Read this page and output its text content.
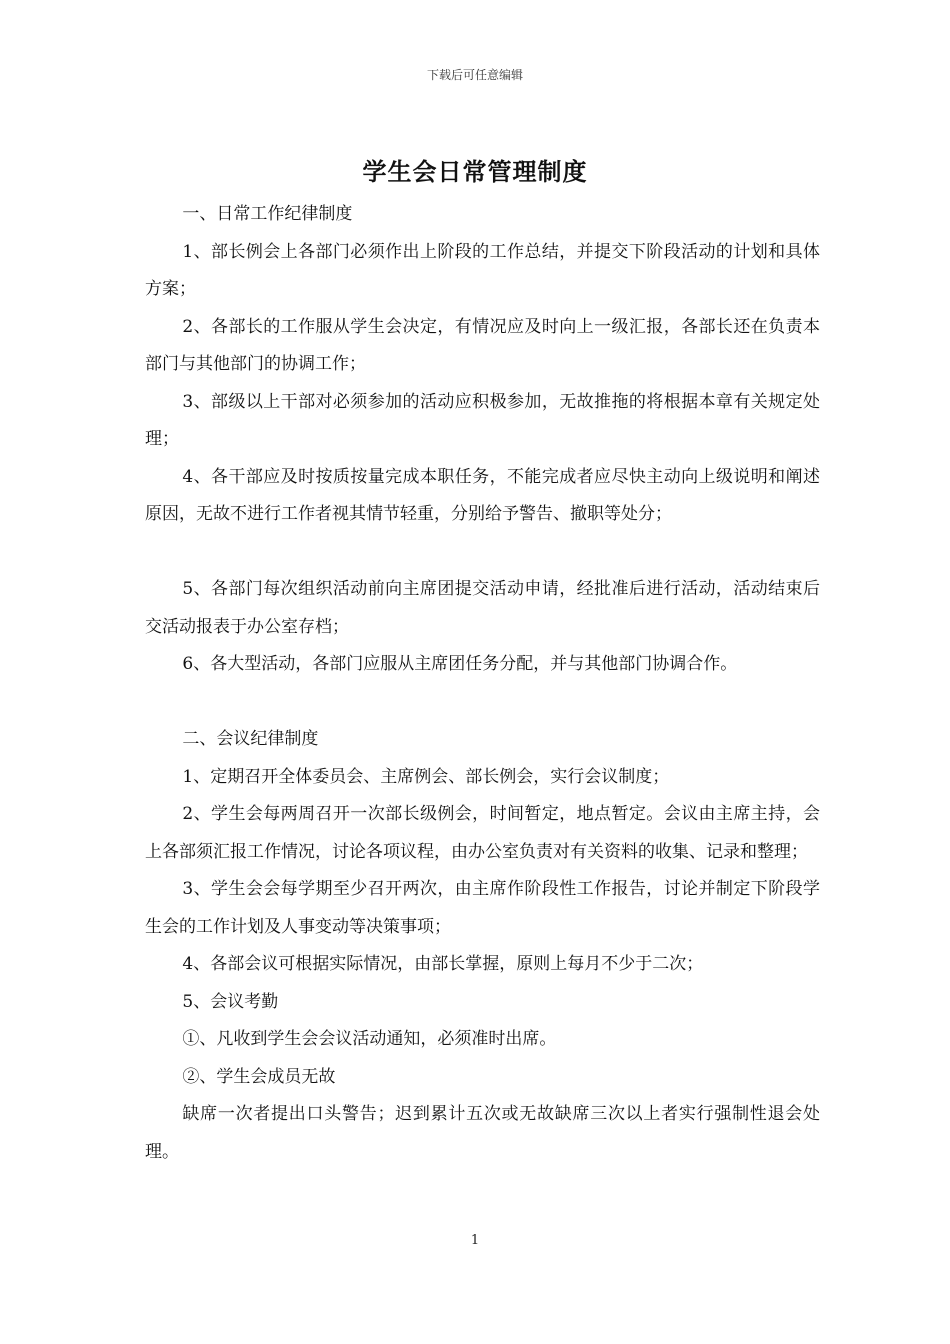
下载后可任意编辑
学生会日常管理制度

一、日常工作纪律制度

1、部长例会上各部门必须作出上阶段的工作总结，并提交下阶段活动的计划和具体方案；

2、各部长的工作服从学生会决定，有情况应及时向上一级汇报，各部长还在负责本部门与其他部门的协调工作；

3、部级以上干部对必须参加的活动应积极参加，无故推拖的将根据本章有关规定处理；

4、各干部应及时按质按量完成本职任务，不能完成者应尽快主动向上级说明和阐述原因，无故不进行工作者视其情节轻重，分别给予警告、撤职等处分；

5、各部门每次组织活动前向主席团提交活动申请，经批准后进行活动，活动结束后交活动报表于办公室存档；

6、各大型活动，各部门应服从主席团任务分配，并与其他部门协调合作。

二、会议纪律制度

1、定期召开全体委员会、主席例会、部长例会，实行会议制度；

2、学生会每两周召开一次部长级例会，时间暂定，地点暂定。会议由主席主持，会上各部须汇报工作情况，讨论各项议程，由办公室负责对有关资料的收集、记录和整理；

3、学生会会每学期至少召开两次，由主席作阶段性工作报告，讨论并制定下阶段学生会的工作计划及人事变动等决策事项；

4、各部会议可根据实际情况，由部长掌握，原则上每月不少于二次；

5、会议考勤

①、凡收到学生会会议活动通知，必须准时出席。

②、学生会成员无故

缺席一次者提出口头警告；迟到累计五次或无故缺席三次以上者实行强制性退会处理。

1
